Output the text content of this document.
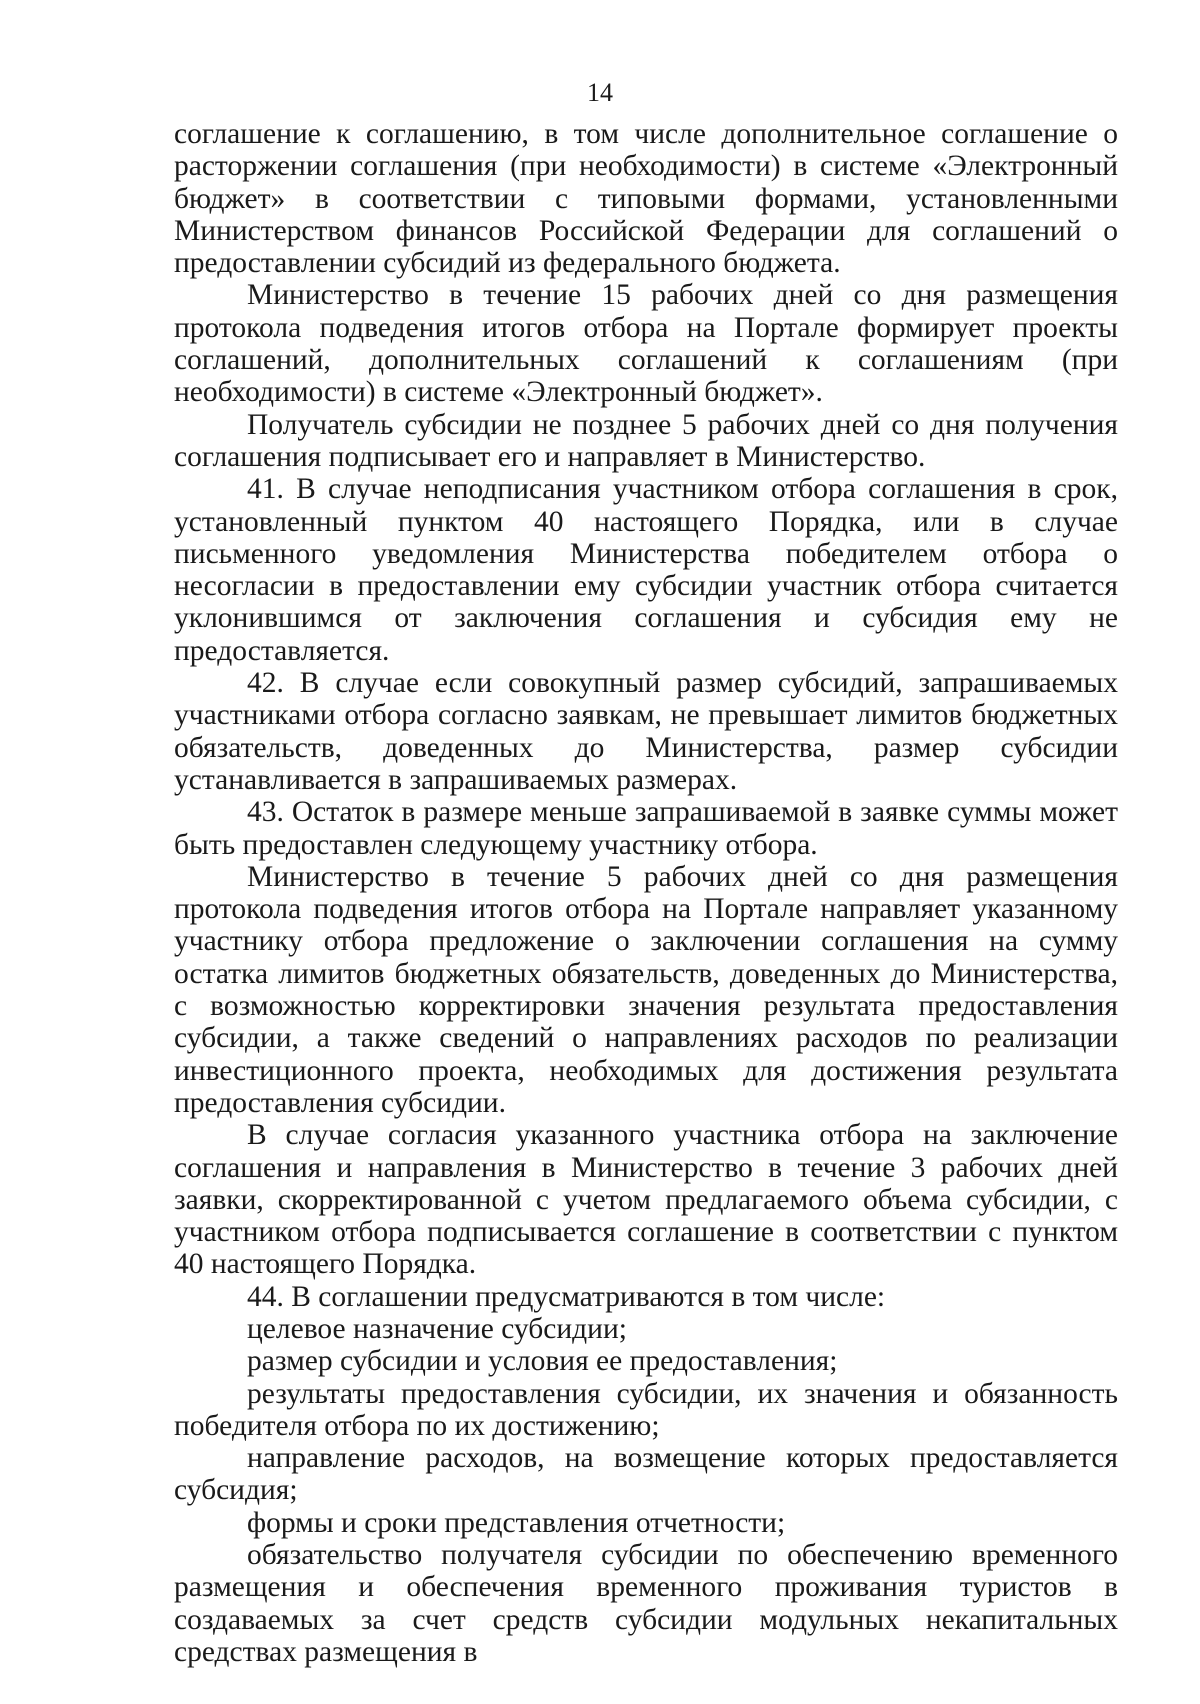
14

соглашение к соглашению, в том числе дополнительное соглашение о расторжении соглашения (при необходимости) в системе «Электронный бюджет» в соответствии с типовыми формами, установленными Министерством финансов Российской Федерации для соглашений о предоставлении субсидий из федерального бюджета.

Министерство в течение 15 рабочих дней со дня размещения протокола подведения итогов отбора на Портале формирует проекты соглашений, дополнительных соглашений к соглашениям (при необходимости) в системе «Электронный бюджет».

Получатель субсидии не позднее 5 рабочих дней со дня получения соглашения подписывает его и направляет в Министерство.

41. В случае неподписания участником отбора соглашения в срок, установленный пунктом 40 настоящего Порядка, или в случае письменного уведомления Министерства победителем отбора о несогласии в предоставлении ему субсидии участник отбора считается уклонившимся от заключения соглашения и субсидия ему не предоставляется.

42. В случае если совокупный размер субсидий, запрашиваемых участниками отбора согласно заявкам, не превышает лимитов бюджетных обязательств, доведенных до Министерства, размер субсидии устанавливается в запрашиваемых размерах.

43. Остаток в размере меньше запрашиваемой в заявке суммы может быть предоставлен следующему участнику отбора.

Министерство в течение 5 рабочих дней со дня размещения протокола подведения итогов отбора на Портале направляет указанному участнику отбора предложение о заключении соглашения на сумму остатка лимитов бюджетных обязательств, доведенных до Министерства, с возможностью корректировки значения результата предоставления субсидии, а также сведений о направлениях расходов по реализации инвестиционного проекта, необходимых для достижения результата предоставления субсидии.

В случае согласия указанного участника отбора на заключение соглашения и направления в Министерство в течение 3 рабочих дней заявки, скорректированной с учетом предлагаемого объема субсидии, с участником отбора подписывается соглашение в соответствии с пунктом 40 настоящего Порядка.

44. В соглашении предусматриваются в том числе:

целевое назначение субсидии;

размер субсидии и условия ее предоставления;

результаты предоставления субсидии, их значения и обязанность победителя отбора по их достижению;

направление расходов, на возмещение которых предоставляется субсидия;

формы и сроки представления отчетности;

обязательство получателя субсидии по обеспечению временного размещения и обеспечения временного проживания туристов в создаваемых за счет средств субсидии модульных некапитальных средствах размещения в
